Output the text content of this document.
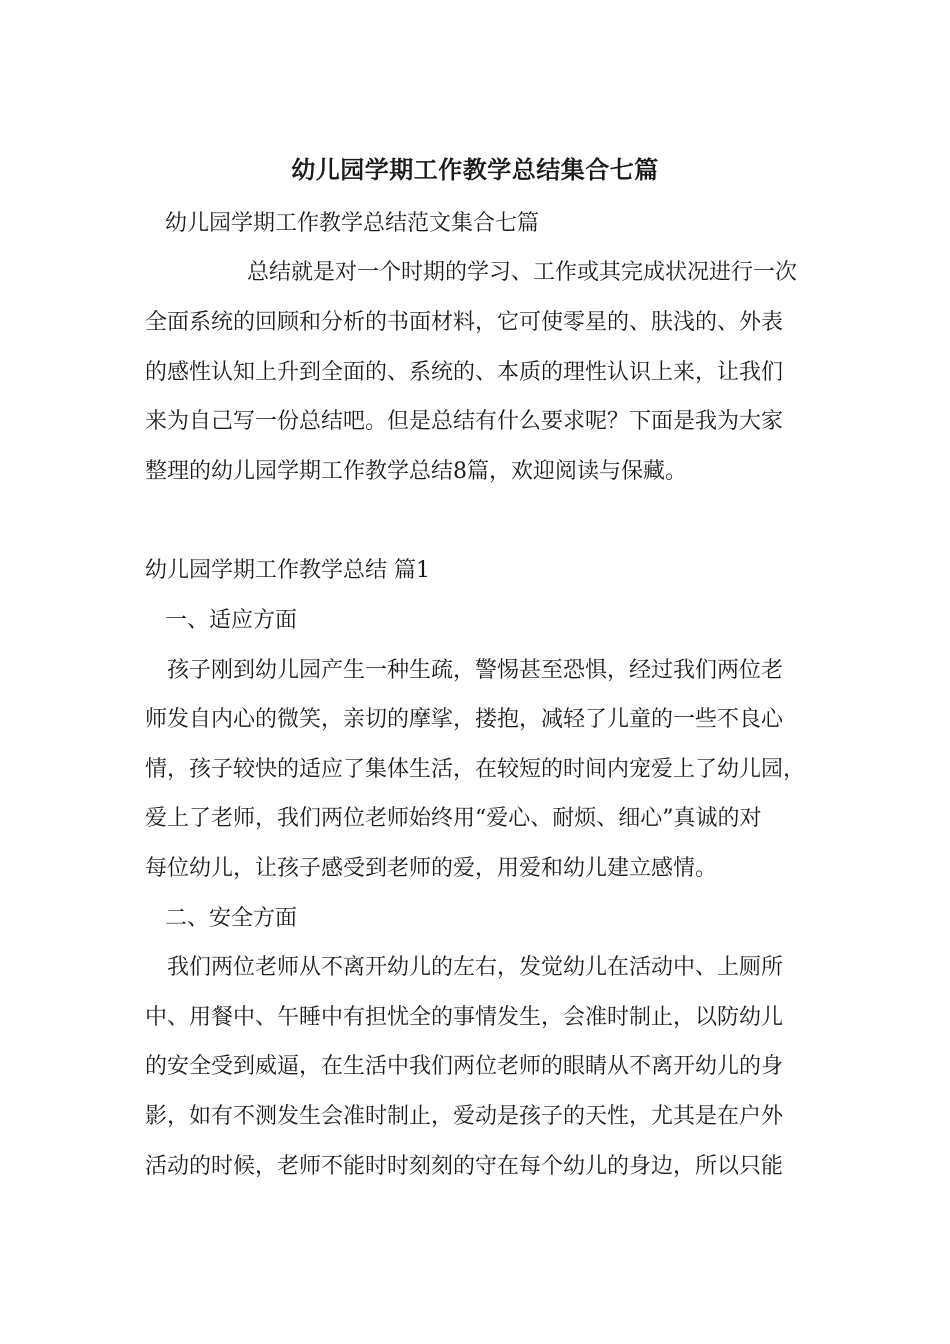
幼儿园学期工作教学总结集合七篇
幼儿园学期工作教学总结范文集合七篇
总结就是对一个时期的学习、工作或其完成状况进行一次
全面系统的回顾和分析的书面材料，它可使零星的、肤浅的、外表
的感性认知上升到全面的、系统的、本质的理性认识上来，让我们
来为自己写一份总结吧。但是总结有什么要求呢？下面是我为大家
整理的幼儿园学期工作教学总结8篇，欢迎阅读与保藏。
幼儿园学期工作教学总结 篇1
一、适应方面
孩子刚到幼儿园产生一种生疏，警惕甚至恐惧，经过我们两位老
师发自内心的微笑，亲切的摩挲，搂抱，减轻了儿童的一些不良心
情，孩子较快的适应了集体生活，在较短的时间内宠爱上了幼儿园，
爱上了老师，我们两位老师始终用“爱心、耐烦、细心”真诚的对
每位幼儿，让孩子感受到老师的爱，用爱和幼儿建立感情。
二、安全方面
我们两位老师从不离开幼儿的左右，发觉幼儿在活动中、上厕所
中、用餐中、午睡中有担忧全的事情发生，会准时制止，以防幼儿
的安全受到威逼，在生活中我们两位老师的眼睛从不离开幼儿的身
影，如有不测发生会准时制止，爱动是孩子的天性，尤其是在户外
活动的时候，老师不能时时刻刻的守在每个幼儿的身边，所以只能
